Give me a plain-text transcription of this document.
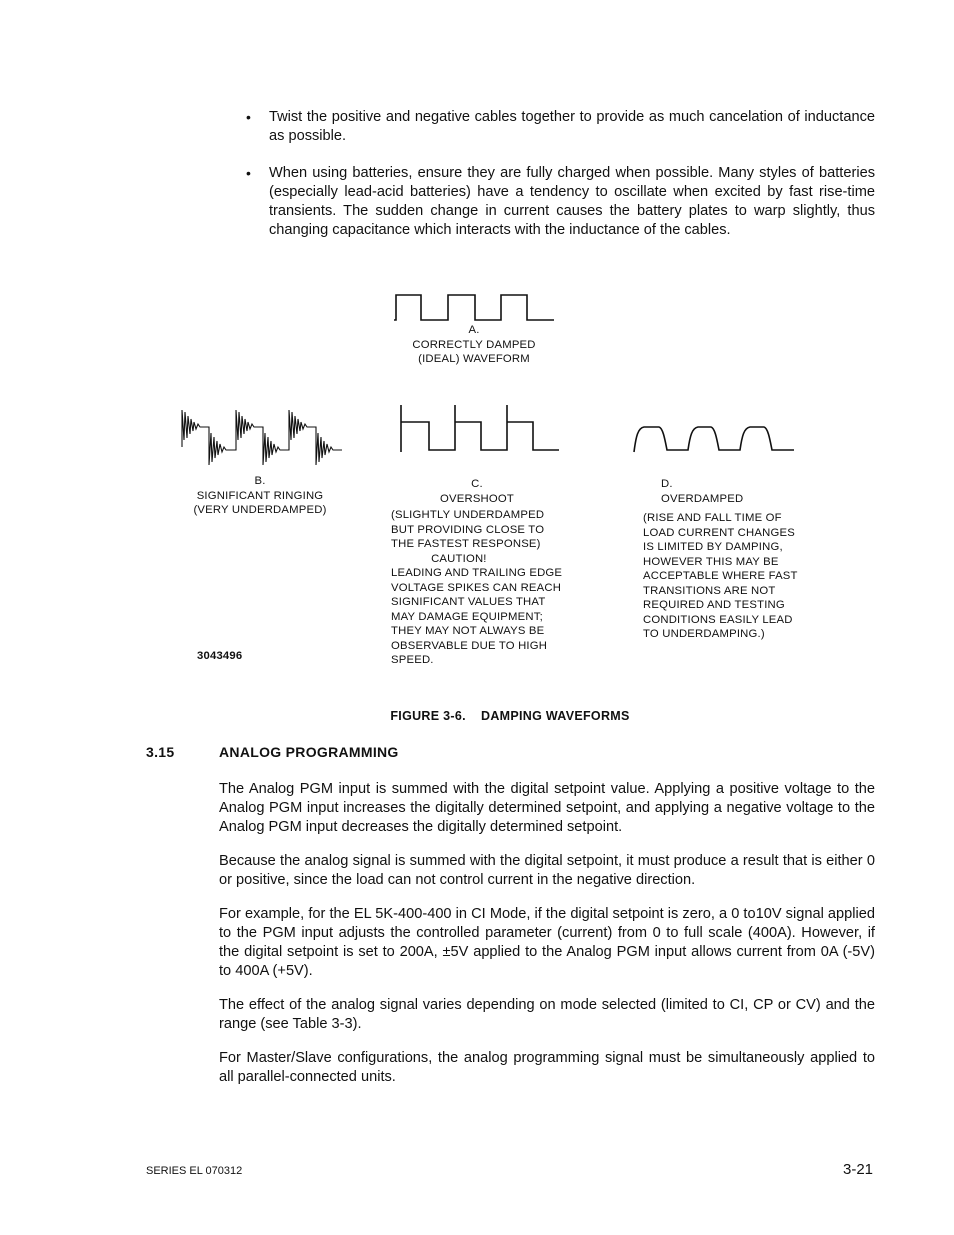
• Twist the positive and negative cables together to provide as much cancelation of inductance as possible.
• When using batteries, ensure they are fully charged when possible. Many styles of batteries (especially lead-acid batteries) have a tendency to oscillate when excited by fast rise-time transients. The sudden change in current causes the battery plates to warp slightly, thus changing capacitance which interacts with the inductance of the cables.
A.
CORRECTLY DAMPED
(IDEAL) WAVEFORM
B.
SIGNIFICANT RINGING
(VERY UNDERDAMPED)
C.
OVERSHOOT
(SLIGHTLY UNDERDAMPED
BUT PROVIDING CLOSE TO
THE FASTEST RESPONSE)
CAUTION!
LEADING AND TRAILING EDGE
VOLTAGE SPIKES CAN REACH
SIGNIFICANT VALUES THAT
MAY DAMAGE EQUIPMENT;
THEY MAY NOT ALWAYS BE
OBSERVABLE DUE TO HIGH
SPEED.
D.
OVERDAMPED
(RISE AND FALL TIME OF
LOAD CURRENT CHANGES
IS LIMITED BY DAMPING,
HOWEVER THIS MAY BE
ACCEPTABLE WHERE FAST
TRANSITIONS ARE NOT
REQUIRED AND TESTING
CONDITIONS EASILY LEAD
TO UNDERDAMPING.)
3043496
FIGURE 3-6.    DAMPING WAVEFORMS
3.15	ANALOG PROGRAMMING
The Analog PGM input is summed with the digital setpoint value. Applying a positive voltage to the Analog PGM input increases the digitally determined setpoint, and applying a negative voltage to the Analog PGM input decreases the digitally determined setpoint.
Because the analog signal is summed with the digital setpoint, it must produce a result that is either 0 or positive, since the load can not control current in the negative direction.
For example, for the EL 5K-400-400 in CI Mode, if the digital setpoint is zero, a 0 to10V signal applied to the PGM input adjusts the controlled parameter (current) from 0 to full scale (400A). However, if the digital setpoint is set to 200A, ±5V applied to the Analog PGM input allows current from 0A (-5V) to 400A (+5V).
The effect of the analog signal varies depending on mode selected (limited to CI, CP or CV) and the range (see Table 3-3).
For Master/Slave configurations, the analog programming signal must be simultaneously applied to all parallel-connected units.
SERIES EL 070312	3-21
